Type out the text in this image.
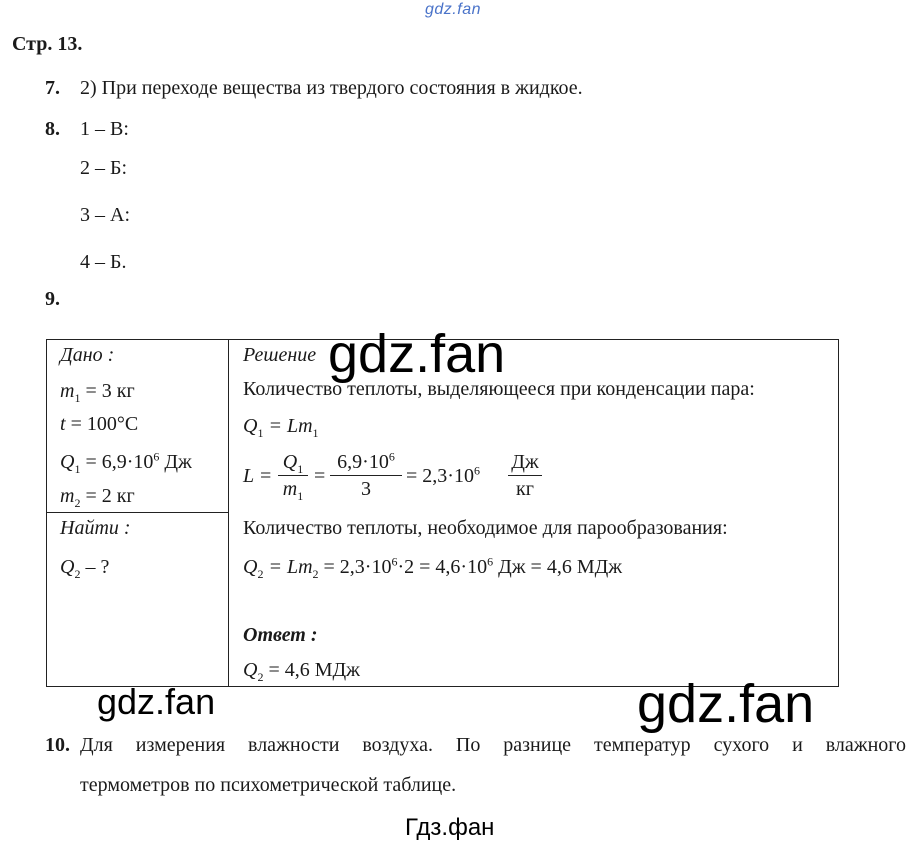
gdz.fan
Стр. 13.
7. 2) При переходе вещества из твердого состояния в жидкое.
8. 1 – В:
2 – Б:
3 – А:
4 – Б.
9.
Дано :
$m_1 = 3$ кг
t = 100°C
$Q_1 = 6,9\cdot 10^6$ Дж
$m_2 = 2$ кг
Найти :
$Q_2$ – ?
Решение
Количество теплоты, выделяющееся при конденсации пара:
$Q_1 = Lm_1$
$L = \frac{Q_1}{m_1} = \frac{6,9\cdot 10^6}{3} = 2,3\cdot 10^6$ Дж
кг
Количество теплоты, необходимое для парообразования:
$Q_2 = Lm_2 = 2,3\cdot 10^6\cdot 2 = 4,6\cdot 10^6$ Дж = 4,6 МДж
Ответ :
$Q_2 = 4,6$ МДж
gdz.fan
gdz.fan	gdz.fan
10. Для измерения влажности воздуха. По разнице температур сухого и влажного
термометров по психометрической таблице.
Гдз.фан
